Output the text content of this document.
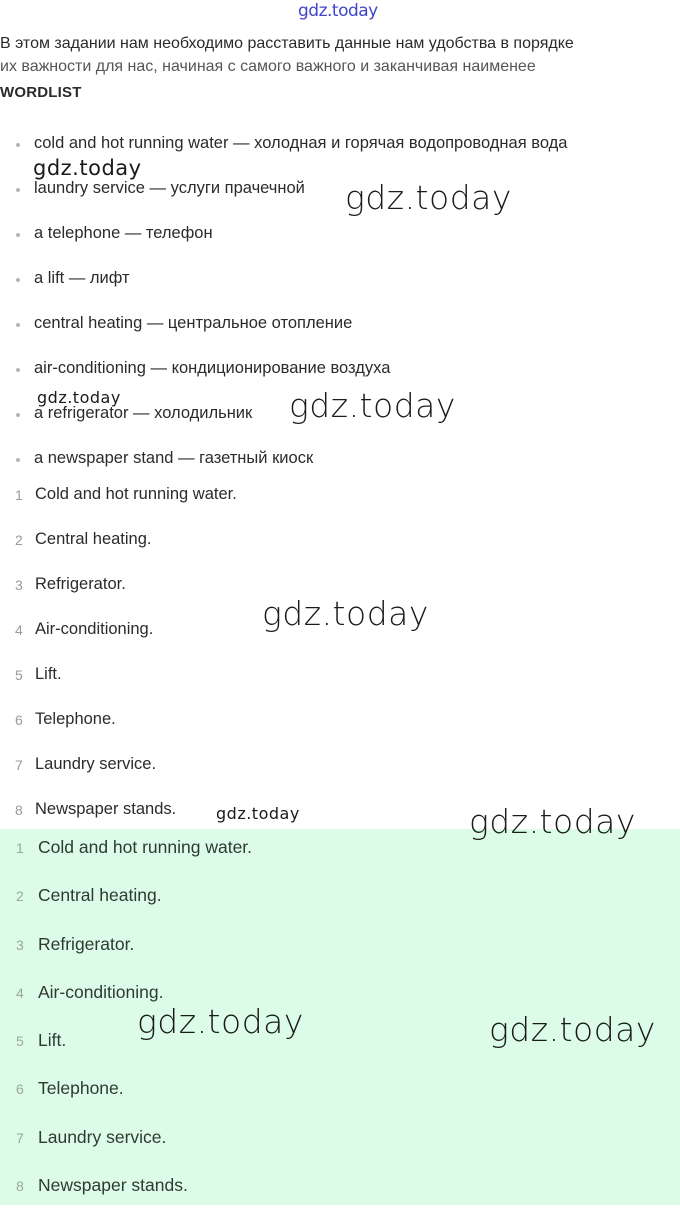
gdz.today
В этом задании нам необходимо расставить данные нам удобства в порядке
их важности для нас, начиная с самого важного и заканчивая наименее
WORDLIST
cold and hot running water — холодная и горячая водопроводная вода
laundry service — услуги прачечной
a telephone — телефон
a lift — лифт
central heating — центральное отопление
air-conditioning — кондиционирование воздуха
a refrigerator — холодильник
a newspaper stand — газетный киоск
1 Cold and hot running water.
2 Central heating.
3 Refrigerator.
4 Air-conditioning.
5 Lift.
6 Telephone.
7 Laundry service.
8 Newspaper stands.
1 Cold and hot running water.
2 Central heating.
3 Refrigerator.
4 Air-conditioning.
5 Lift.
6 Telephone.
7 Laundry service.
8 Newspaper stands.
gdz.today
gdz.today
gdz.today	gdz.today
gdz.today
gdz.today	gdz.today
gdz.today	gdz.today
